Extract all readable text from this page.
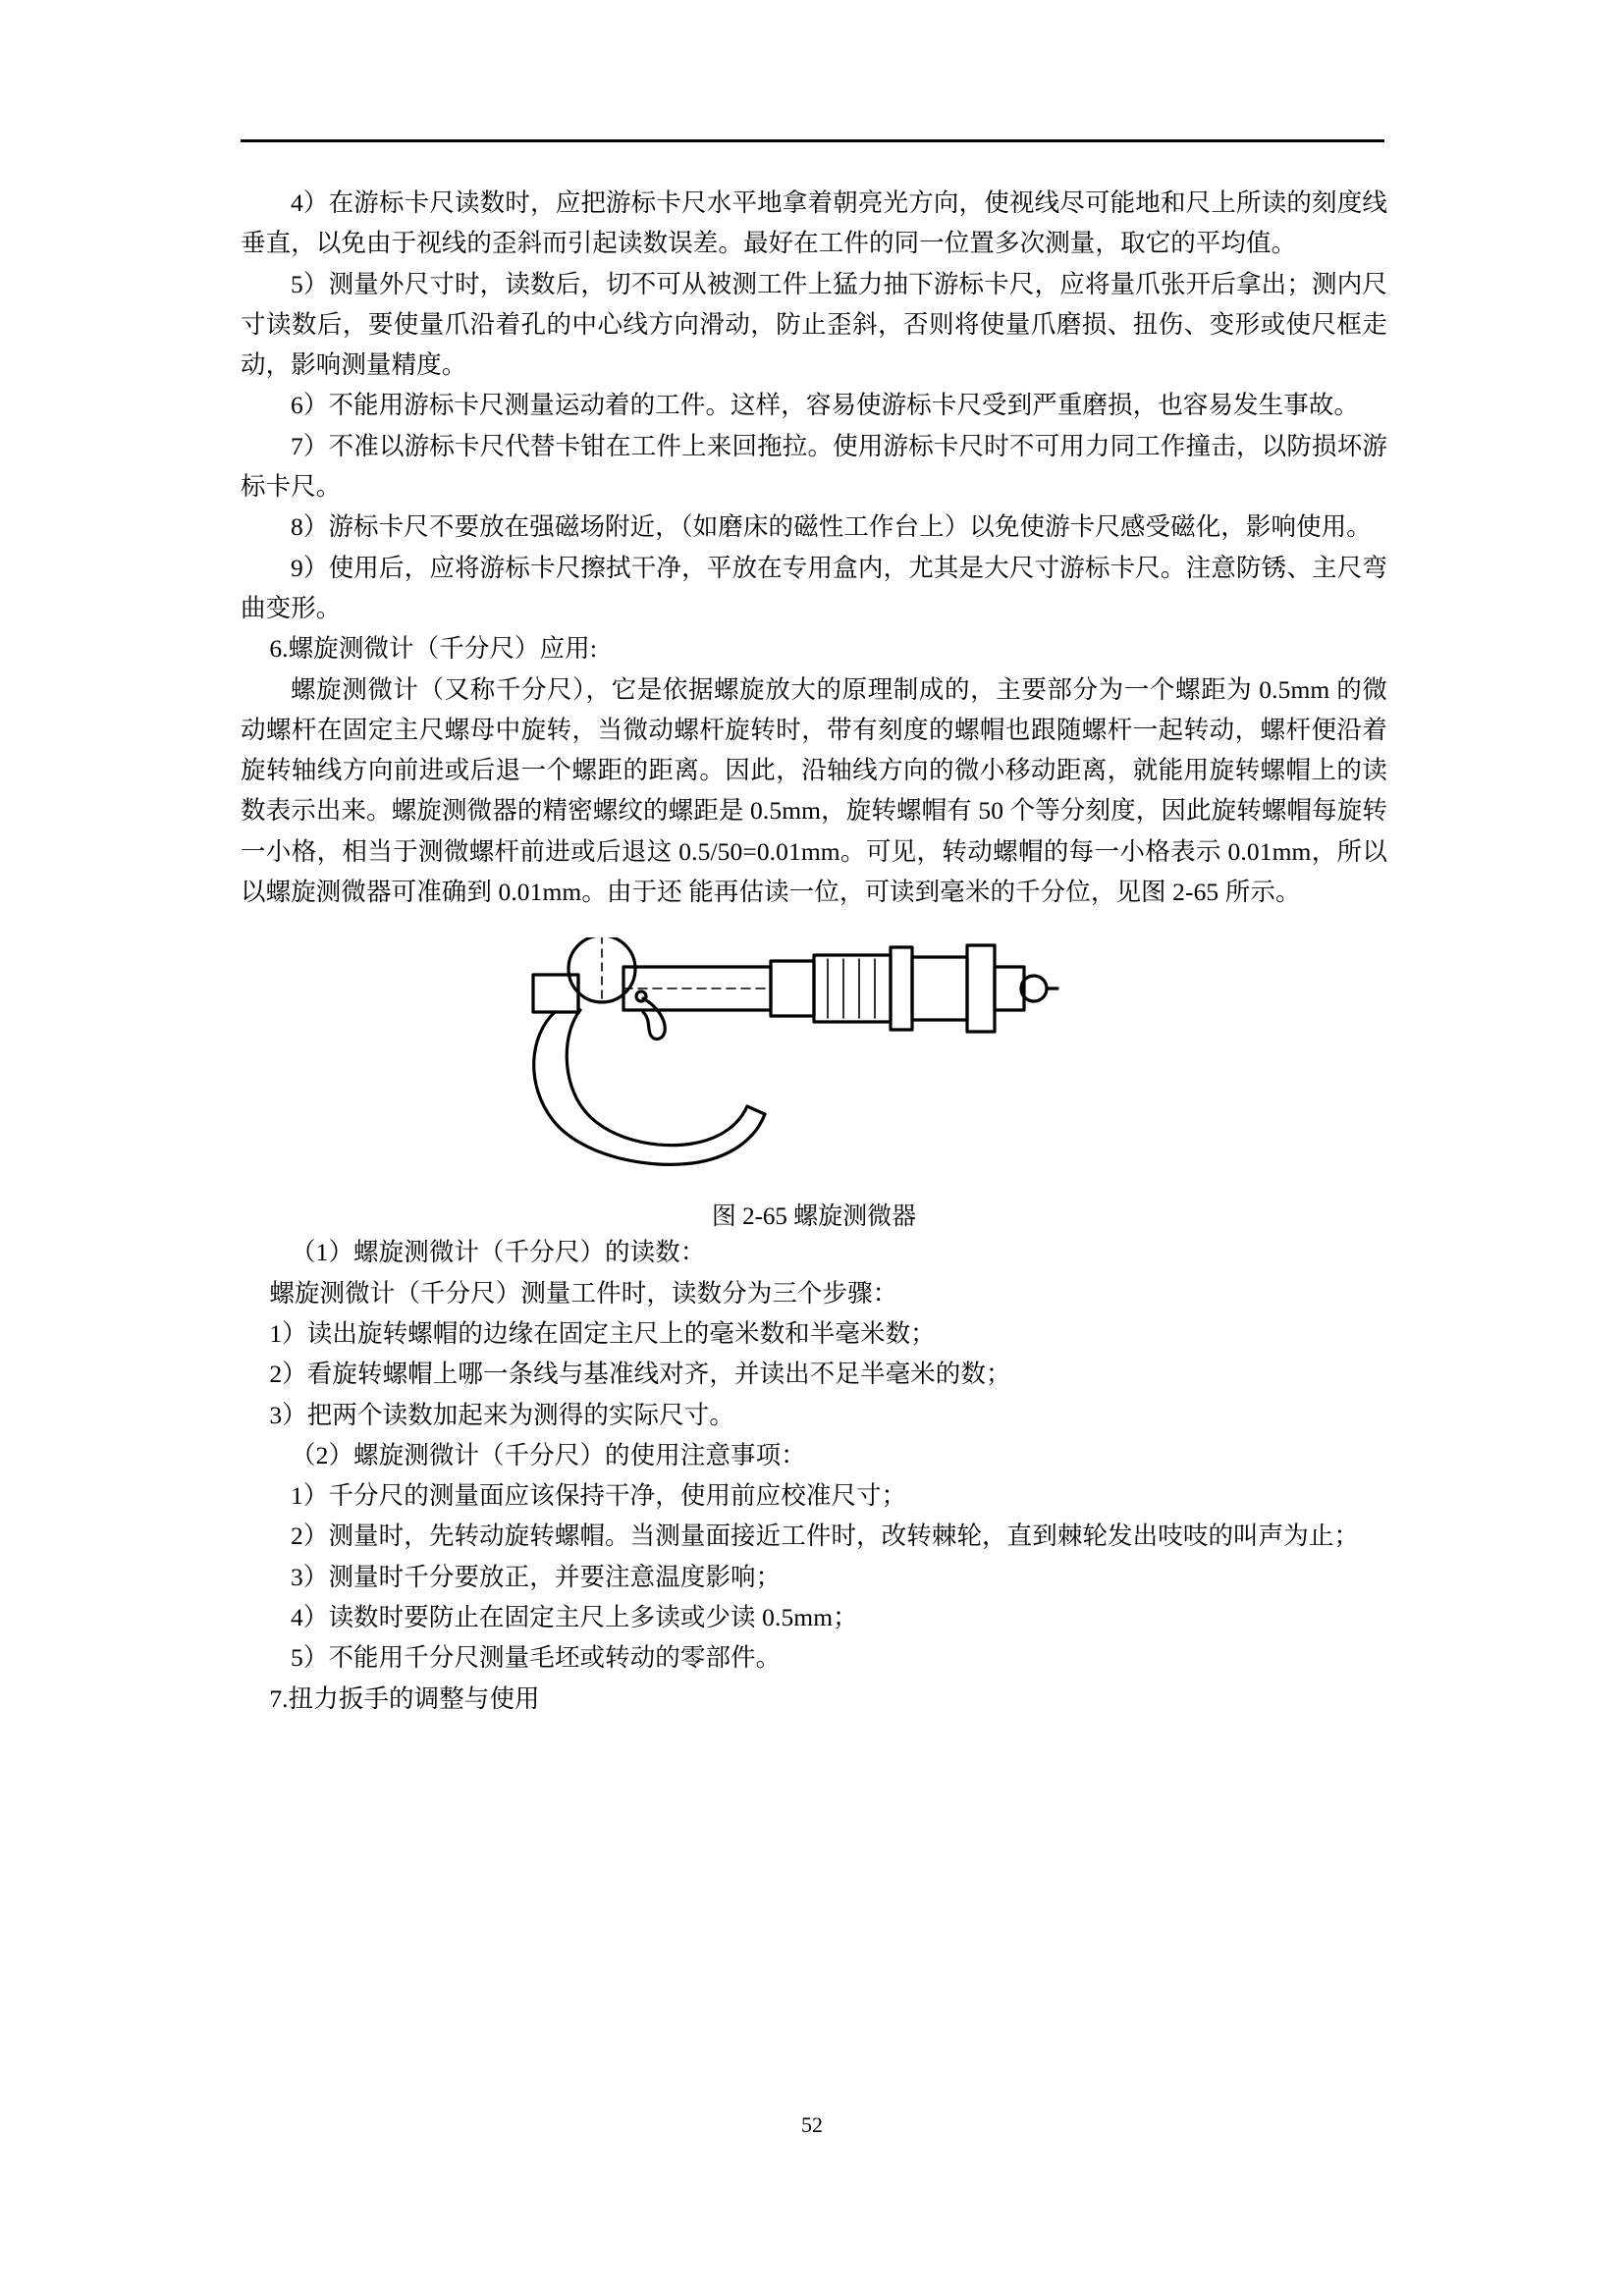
4）在游标卡尺读数时，应把游标卡尺水平地拿着朝亮光方向，使视线尽可能地和尺上所读的刻度线垂直，以免由于视线的歪斜而引起读数误差。最好在工件的同一位置多次测量，取它的平均值。

5）测量外尺寸时，读数后，切不可从被测工件上猛力抽下游标卡尺，应将量爪张开后拿出；测内尺寸读数后，要使量爪沿着孔的中心线方向滑动，防止歪斜，否则将使量爪磨损、扭伤、变形或使尺框走动，影响测量精度。

6）不能用游标卡尺测量运动着的工件。这样，容易使游标卡尺受到严重磨损，也容易发生事故。

7）不准以游标卡尺代替卡钳在工件上来回拖拉。使用游标卡尺时不可用力同工作撞击，以防损坏游标卡尺。

8）游标卡尺不要放在强磁场附近，（如磨床的磁性工作台上）以免使游卡尺感受磁化，影响使用。

9）使用后，应将游标卡尺擦拭干净，平放在专用盒内，尤其是大尺寸游标卡尺。注意防锈、主尺弯曲变形。

6.螺旋测微计（千分尺）应用:

螺旋测微计（又称千分尺），它是依据螺旋放大的原理制成的，主要部分为一个螺距为 0.5mm 的微动螺杆在固定主尺螺母中旋转，当微动螺杆旋转时，带有刻度的螺帽也跟随螺杆一起转动，螺杆便沿着旋转轴线方向前进或后退一个螺距的距离。因此，沿轴线方向的微小移动距离，就能用旋转螺帽上的读数表示出来。螺旋测微器的精密螺纹的螺距是 0.5mm，旋转螺帽有 50 个等分刻度，因此旋转螺帽每旋转一小格，相当于测微螺杆前进或后退这 0.5/50=0.01mm。可见，转动螺帽的每一小格表示 0.01mm，所以以螺旋测微器可准确到 0.01mm。由于还 能再估读一位，可读到毫米的千分位，见图 2-65 所示。

图 2-65 螺旋测微器

（1）螺旋测微计（千分尺）的读数：

螺旋测微计（千分尺）测量工件时，读数分为三个步骤：

1）读出旋转螺帽的边缘在固定主尺上的毫米数和半毫米数；

2）看旋转螺帽上哪一条线与基准线对齐，并读出不足半毫米的数；

3）把两个读数加起来为测得的实际尺寸。

（2）螺旋测微计（千分尺）的使用注意事项：

1）千分尺的测量面应该保持干净，使用前应校准尺寸；

2）测量时，先转动旋转螺帽。当测量面接近工件时，改转棘轮，直到棘轮发出吱吱的叫声为止；

3）测量时千分要放正，并要注意温度影响；

4）读数时要防止在固定主尺上多读或少读 0.5mm；

5）不能用千分尺测量毛坯或转动的零部件。

7.扭力扳手的调整与使用

52
